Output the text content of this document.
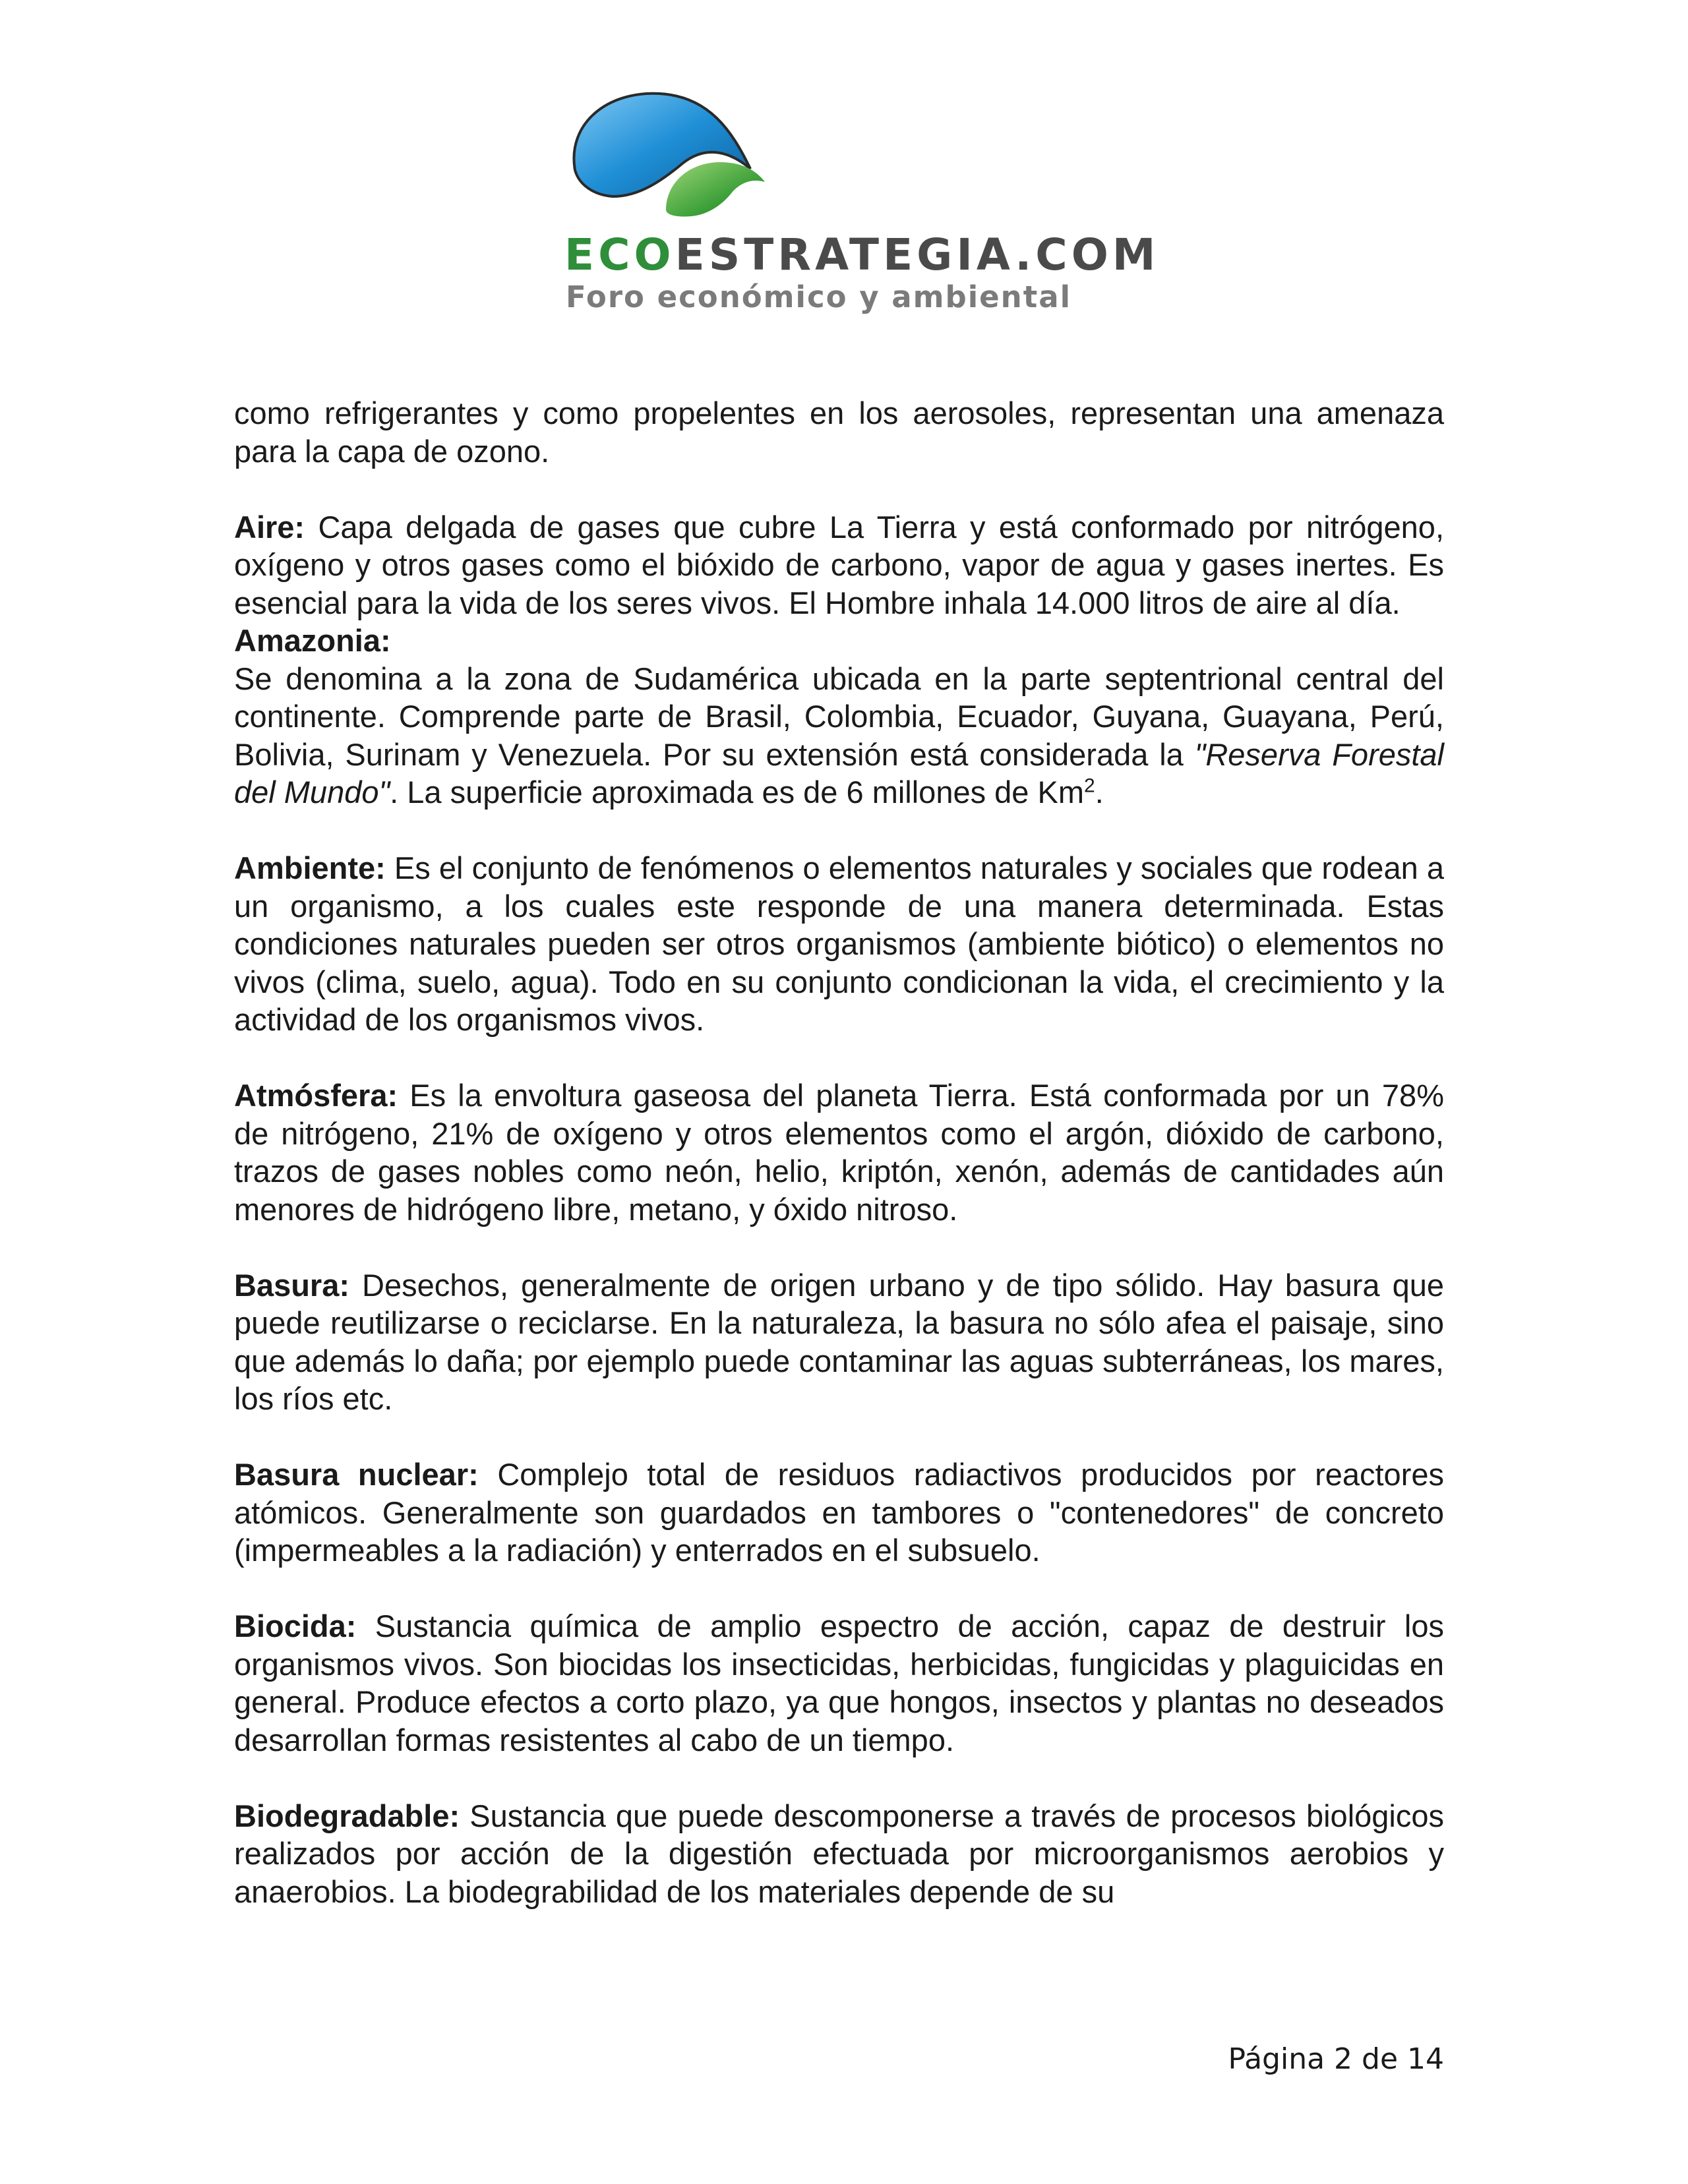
ECOESTRATEGIA.COM
Foro económico y ambiental

como refrigerantes y como propelentes en los aerosoles, representan una amenaza para la capa de ozono.

Aire: Capa delgada de gases que cubre La Tierra y está conformado por nitrógeno, oxígeno y otros gases como el bióxido de carbono, vapor de agua y gases inertes. Es esencial para la vida de los seres vivos. El Hombre inhala 14.000 litros de aire al día.

Amazonia:

Se denomina a la zona de Sudamérica ubicada en la parte septentrional central del continente. Comprende parte de Brasil, Colombia, Ecuador, Guyana, Guayana, Perú, Bolivia, Surinam y Venezuela. Por su extensión está considerada la "Reserva Forestal del Mundo". La superficie aproximada es de 6 millones de Km$^2$.

Ambiente: Es el conjunto de fenómenos o elementos naturales y sociales que rodean a un organismo, a los cuales este responde de una manera determinada. Estas condiciones naturales pueden ser otros organismos (ambiente biótico) o elementos no vivos (clima, suelo, agua). Todo en su conjunto condicionan la vida, el crecimiento y la actividad de los organismos vivos.

Atmósfera: Es la envoltura gaseosa del planeta Tierra. Está conformada por un 78% de nitrógeno, 21% de oxígeno y otros elementos como el argón, dióxido de carbono, trazos de gases nobles como neón, helio, kriptón, xenón, además de cantidades aún menores de hidrógeno libre, metano, y óxido nitroso.

Basura: Desechos, generalmente de origen urbano y de tipo sólido. Hay basura que puede reutilizarse o reciclarse. En la naturaleza, la basura no sólo afea el paisaje, sino que además lo daña; por ejemplo puede contaminar las aguas subterráneas, los mares, los ríos etc.

Basura nuclear: Complejo total de residuos radiactivos producidos por reactores atómicos. Generalmente son guardados en tambores o "contenedores" de concreto (impermeables a la radiación) y enterrados en el subsuelo.

Biocida: Sustancia química de amplio espectro de acción, capaz de destruir los organismos vivos. Son biocidas los insecticidas, herbicidas, fungicidas y plaguicidas en general. Produce efectos a corto plazo, ya que hongos, insectos y plantas no deseados desarrollan formas resistentes al cabo de un tiempo.

Biodegradable: Sustancia que puede descomponerse a través de procesos biológicos realizados por acción de la digestión efectuada por microorganismos aerobios y anaerobios. La biodegrabilidad de los materiales depende de su

Página 2 de 14
